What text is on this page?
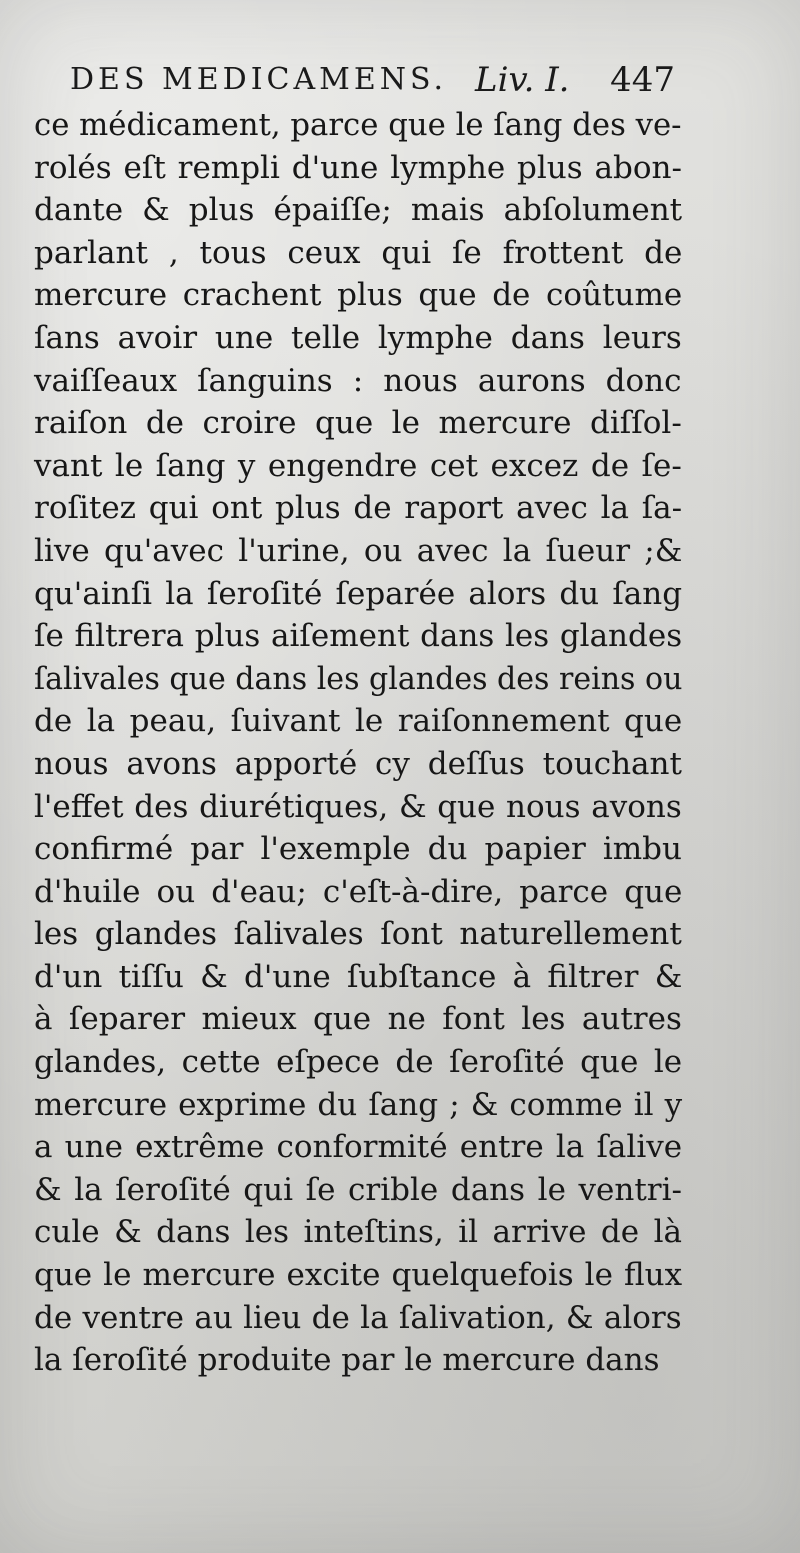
DES MEDICAMENS. Liv. I. 447
ce médicament, parce que le ſang des ve-
rolés eſt rempli d'une lymphe plus abon-
dante & plus épaiſſe; mais abſolument
parlant , tous ceux qui ſe frottent de
mercure crachent plus que de coûtume
ſans avoir une telle lymphe dans leurs
vaiſſeaux ſanguins : nous aurons donc
raiſon de croire que le mercure diſſol-
vant le ſang y engendre cet excez de ſe-
roſitez qui ont plus de raport avec la ſa-
live qu'avec l'urine, ou avec la ſueur ;&
qu'ainſi la ſeroſité ſeparée alors du ſang
ſe filtrera plus aiſement dans les glandes
ſalivales que dans les glandes des reins ou
de la peau, ſuivant le raiſonnement que
nous avons apporté cy deſſus touchant
l'effet des diurétiques, & que nous avons
confirmé par l'exemple du papier imbu
d'huile ou d'eau; c'eſt-à-dire, parce que
les glandes ſalivales ſont naturellement
d'un tiſſu & d'une ſubſtance à filtrer &
à ſeparer mieux que ne font les autres
glandes, cette eſpece de ſeroſité que le
mercure exprime du ſang ; & comme il y
a une extrême conformité entre la ſalive
& la ſeroſité qui ſe crible dans le ventri-
cule & dans les inteſtins, il arrive de là
que le mercure excite quelquefois le flux
de ventre au lieu de la ſalivation, & alors
la ſeroſité produite par le mercure dans
